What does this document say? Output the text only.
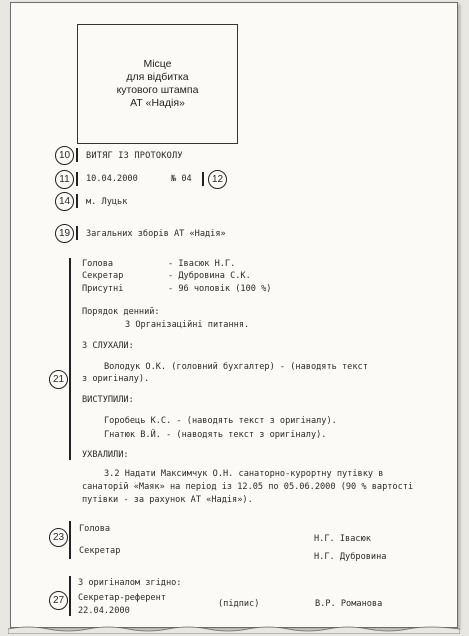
Місце
для відбитка
кутового штампа
АТ «Надія»
10	ВИТЯГ ІЗ ПРОТОКОЛУ
11	10.04.2000	№ 04	12
14	м. Луцьк
19	Загальних зборів АТ «Надія»
21
Голова	- Івасюк Н.Г.
Секретар	- Дубровина С.К.
Присутні	- 96 чоловік (100 %)
Порядок денний:
3 Організаційні питання.
3 СЛУХАЛИ:
Володук О.К. (головний бухгалтер) - (наводять текст
з оригіналу).
ВИСТУПИЛИ:
Горобець К.С. - (наводять текст з оригіналу).
Гнатюк В.Й. - (наводять текст з оригіналу).
УХВАЛИЛИ:
3.2 Надати Максимчук О.Н. санаторно-курортну путівку в
санаторій «Маяк» на період із 12.05 по 05.06.2000 (90 % вартості
путівки - за рахунок АТ «Надія»).
23
Голова
Н.Г. Івасюк
Секретар
Н.Г. Дубровина
27
З оригіналом згідно:
Секретар-референт
(підпис)	В.Р. Романова
22.04.2000
